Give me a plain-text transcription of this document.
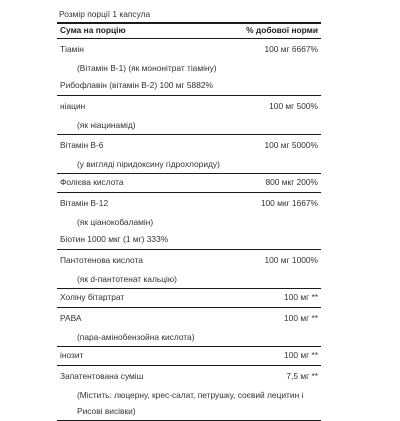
Розмір порції 1 капсула
Сума на порцію	% добової норми
Тіамін	100 мг 6667%
(Вітамін В-1) (як мононітрат тіаміну)
Рибофлавін (вітамін В-2) 100 мг 5882%
ніацин	100 мг 500%
(як ніацинамід)
Вітамін В-6	100 мг 5000%
(у вигляді піридоксину гідрохлориду)
Фолієва кислота	800 мкг 200%
Вітамін В-12	100 мкг 1667%
(як ціанокобаламін)
Біотин 1000 мкг (1 мг) 333%
Пантотенова кислота	100 мг 1000%
(як d-пантотенат кальцію)
Холіну бітартрат	100 мг **
РАВА	100 мг **
(пара-амінобензойна кислота)
інозит	100 мг **
Запатентована суміш	7,5 мг **
(Містить: люцерну, крес-салат, петрушку, соєвий лецитин і
Рисові висівки)
